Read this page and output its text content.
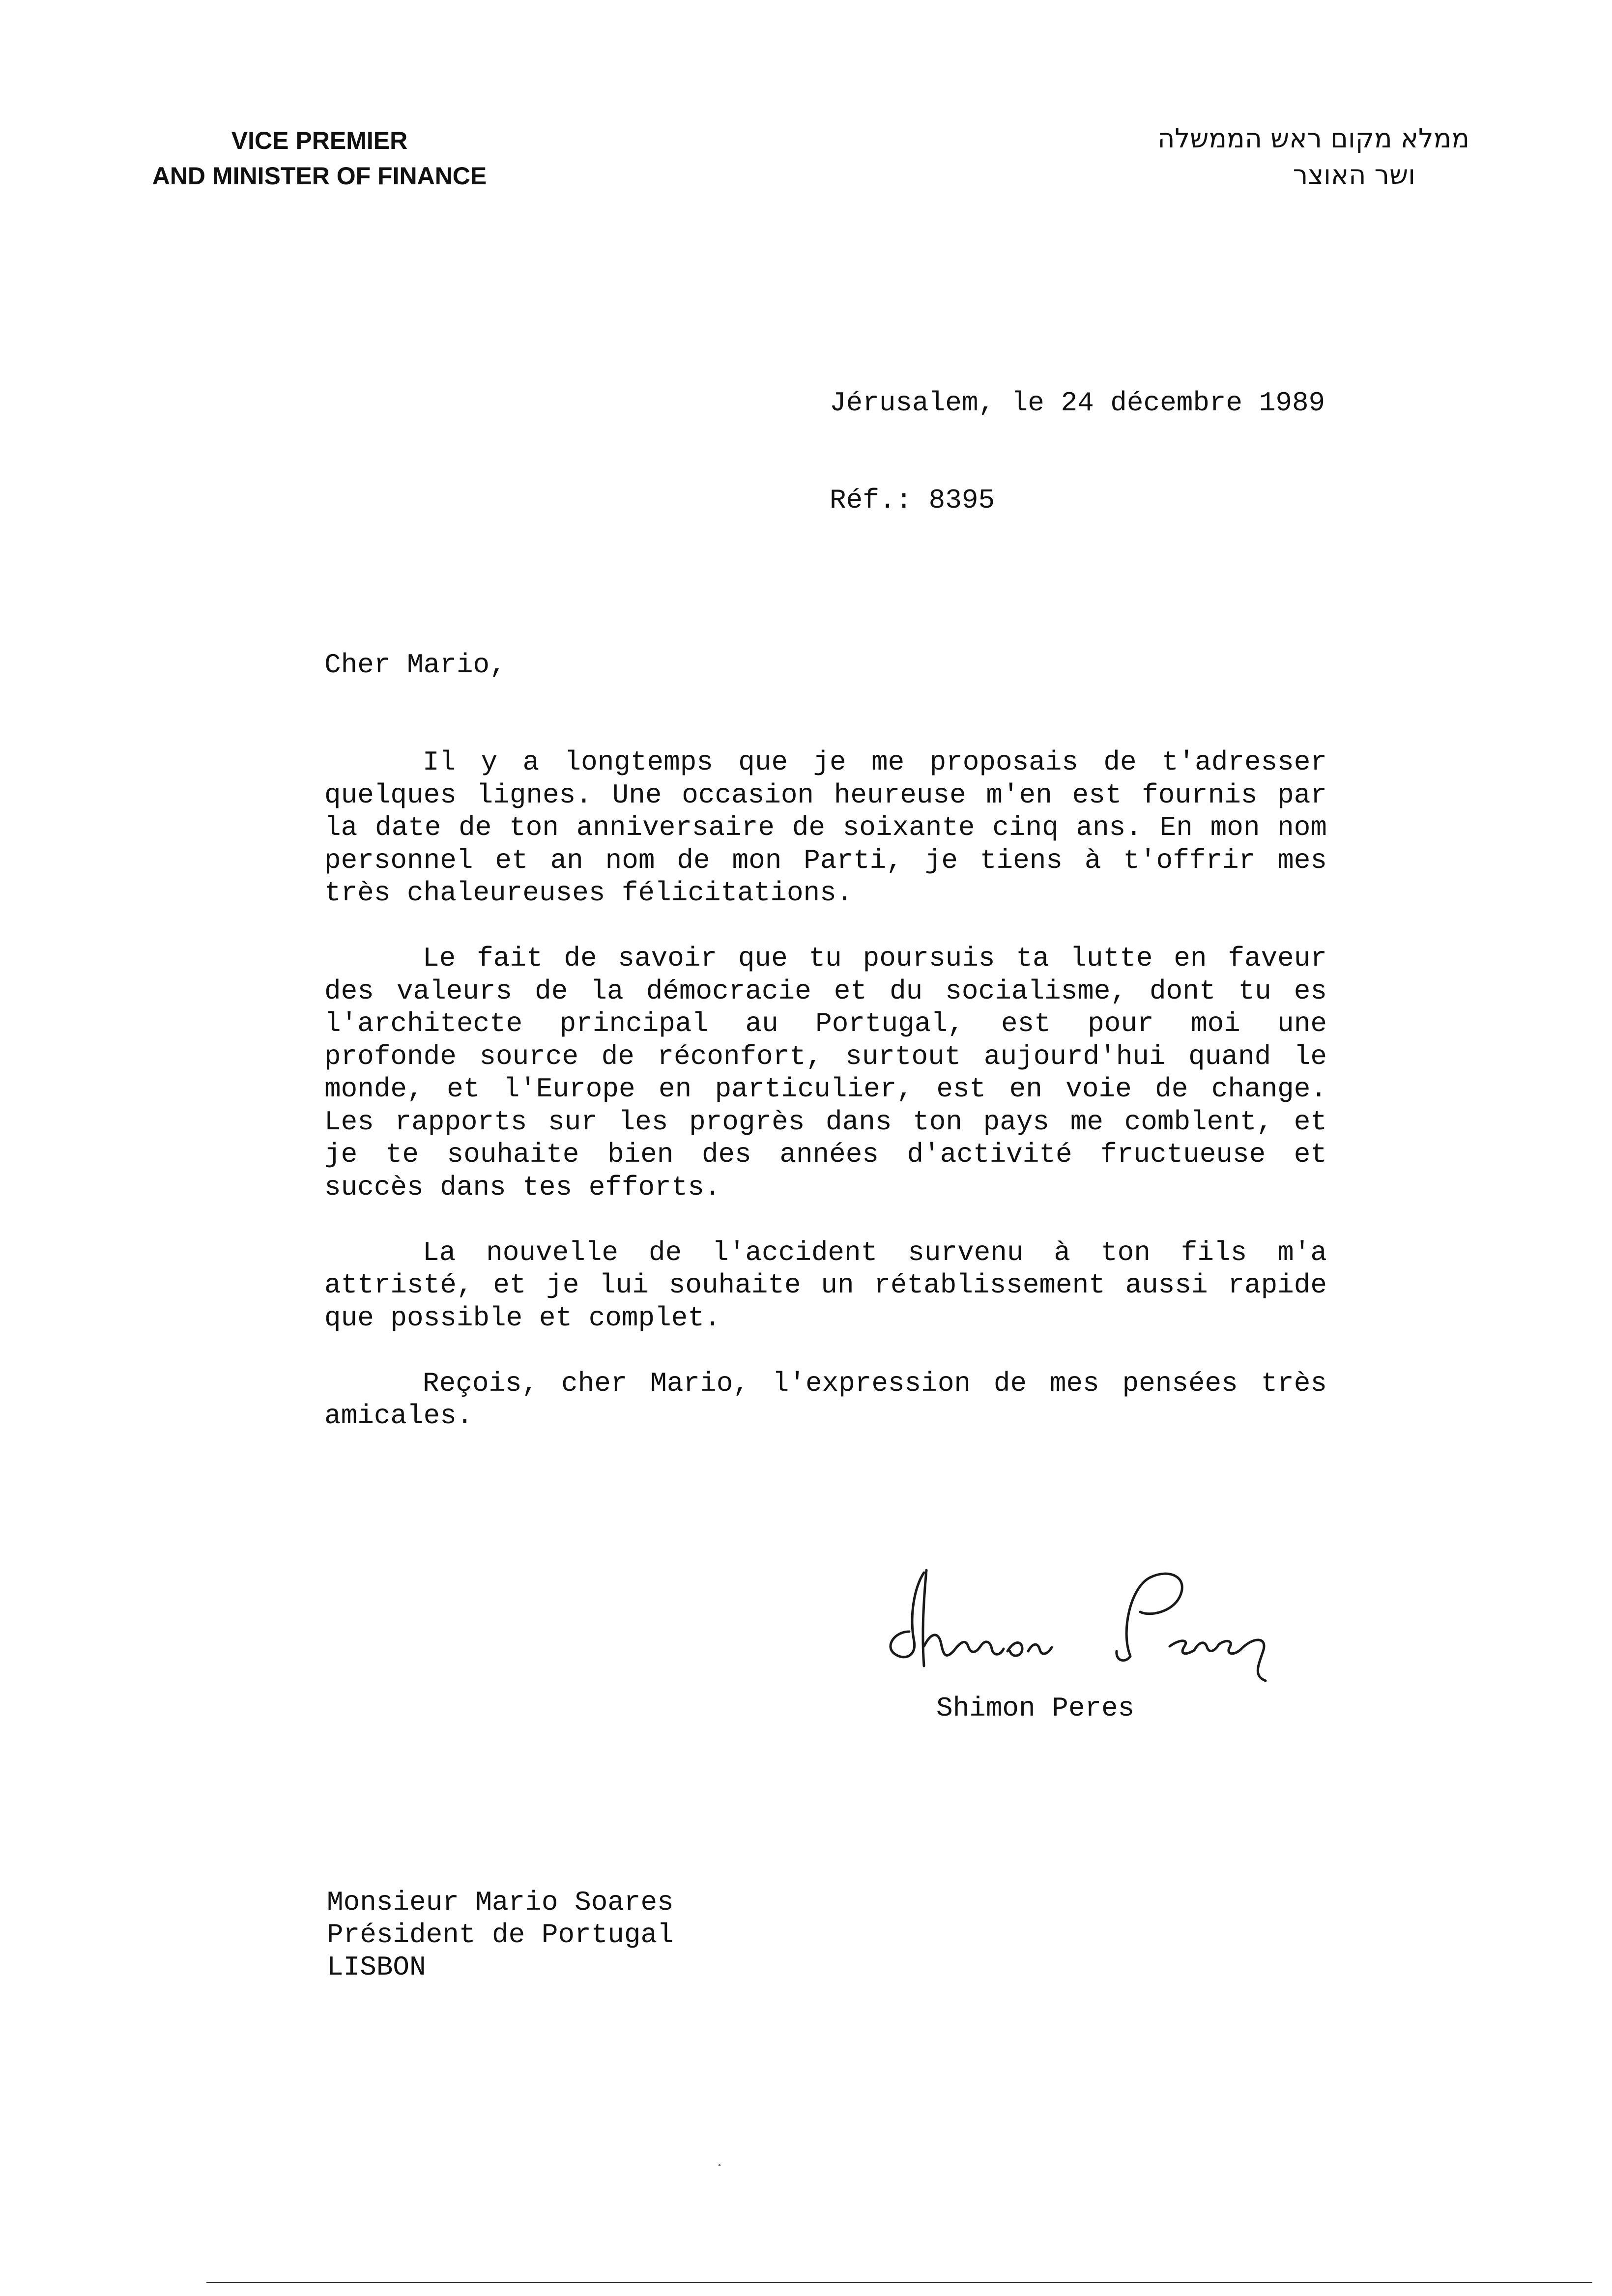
VICE PREMIER
AND MINISTER OF FINANCE
ממלא מקום ראש הממשלה
ושר האוצר

Jérusalem, le 24 décembre 1989

Réf.: 8395

Cher Mario,

Il y a longtemps que je me proposais de t'adresser quelques lignes. Une occasion heureuse m'en est fournis par la date de ton anniversaire de soixante cinq ans. En mon nom personnel et an nom de mon Parti, je tiens à t'offrir mes très chaleureuses félicitations.

Le fait de savoir que tu poursuis ta lutte en faveur des valeurs de la démocracie et du socialisme, dont tu es l'architecte principal au Portugal, est pour moi une profonde source de réconfort, surtout aujourd'hui quand le monde, et l'Europe en particulier, est en voie de change. Les rapports sur les progrès dans ton pays me comblent, et je te souhaite bien des années d'activité fructueuse et succès dans tes efforts.

La nouvelle de l'accident survenu à ton fils m'a attristé, et je lui souhaite un rétablissement aussi rapide que possible et complet.

Reçois, cher Mario, l'expression de mes pensées très amicales.

Shimon Peres
Monsieur Mario Soares
Président de Portugal
LISBON
